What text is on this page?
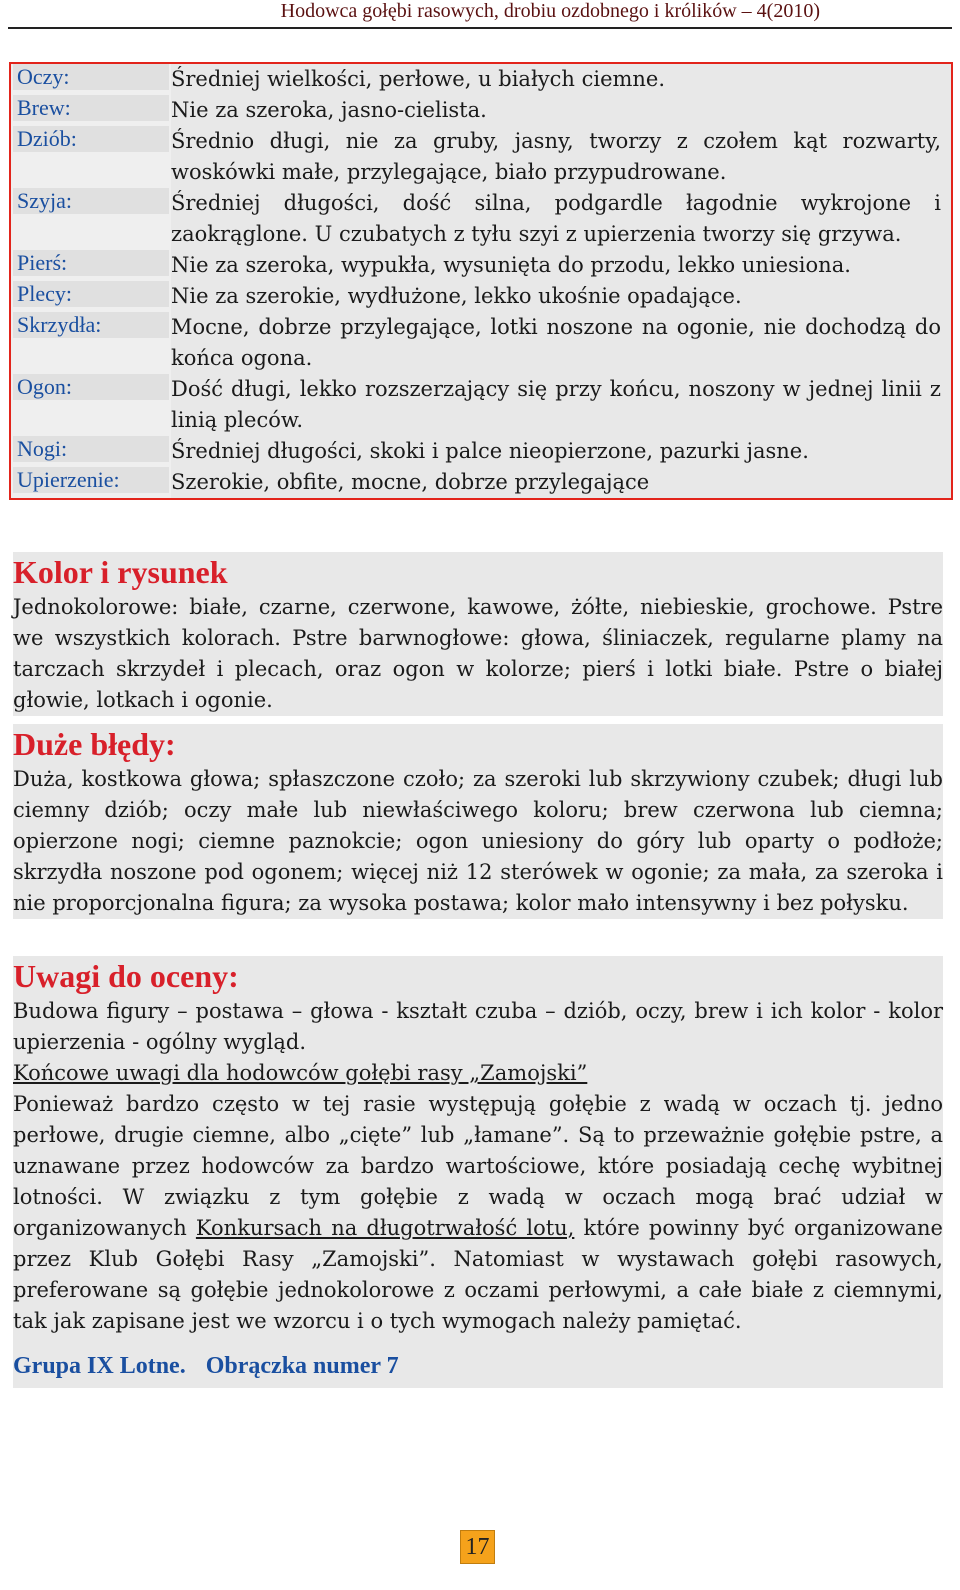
Hodowca gołębi rasowych, drobiu ozdobnego i królików – 4(2010)
Oczy:	Średniej wielkości, perłowe, u białych ciemne.
Brew:	Nie za szeroka, jasno-cielista.
Dziób:	Średnio długi, nie za gruby, jasny, tworzy z czołem kąt rozwarty, woskówki małe, przylegające, biało przypudrowane.
Szyja:	Średniej długości, dość silna, podgardle łagodnie wykrojone i zaokrąglone. U czubatych z tyłu szyi z upierzenia tworzy się grzywa.
Pierś:	Nie za szeroka, wypukła, wysunięta do przodu, lekko uniesiona.
Plecy:	Nie za szerokie, wydłużone, lekko ukośnie opadające.
Skrzydła:	Mocne, dobrze przylegające, lotki noszone na ogonie, nie dochodzą do końca ogona.
Ogon:	Dość długi, lekko rozszerzający się przy końcu, noszony w jednej linii z linią pleców.
Nogi:	Średniej długości, skoki i palce nieopierzone, pazurki jasne.
Upierzenie:	Szerokie, obfite, mocne, dobrze przylegające
Kolor i rysunek

Jednokolorowe: białe, czarne, czerwone, kawowe, żółte, niebieskie, grochowe. Pstre we wszystkich kolorach. Pstre barwnogłowe: głowa, śliniaczek, regularne plamy na tarczach skrzydeł i plecach, oraz ogon w kolorze; pierś i lotki białe. Pstre o białej głowie, lotkach i ogonie.

Duże błędy:

Duża, kostkowa głowa; spłaszczone czoło; za szeroki lub skrzywiony czubek; długi lub ciemny dziób; oczy małe lub niewłaściwego koloru; brew czerwona lub ciemna; opierzone nogi; ciemne paznokcie; ogon uniesiony do góry lub oparty o podłoże; skrzydła noszone pod ogonem; więcej niż 12 sterówek w ogonie; za mała, za szeroka i nie proporcjonalna figura; za wysoka postawa; kolor mało intensywny i bez połysku.

Uwagi do oceny:

Budowa figury – postawa – głowa - kształt czuba – dziób, oczy, brew i ich kolor - kolor upierzenia - ogólny wygląd.

Końcowe uwagi dla hodowców gołębi rasy „Zamojski”

Ponieważ bardzo często w tej rasie występują gołębie z wadą w oczach tj. jedno perłowe, drugie ciemne, albo „cięte” lub „łamane”. Są to przeważnie gołębie pstre, a uznawane przez hodowców za bardzo wartościowe, które posiadają cechę wybitnej lotności. W związku z tym gołębie z wadą w oczach mogą brać udział w organizowanych Konkursach na długotrwałość lotu, które powinny być organizowane przez Klub Gołębi Rasy „Zamojski”. Natomiast w wystawach gołębi rasowych, preferowane są gołębie jednokolorowe z oczami perłowymi, a całe białe z ciemnymi, tak jak zapisane jest we wzorcu i o tych wymogach należy pamiętać.

Grupa IX Lotne. Obrączka numer 7

17
